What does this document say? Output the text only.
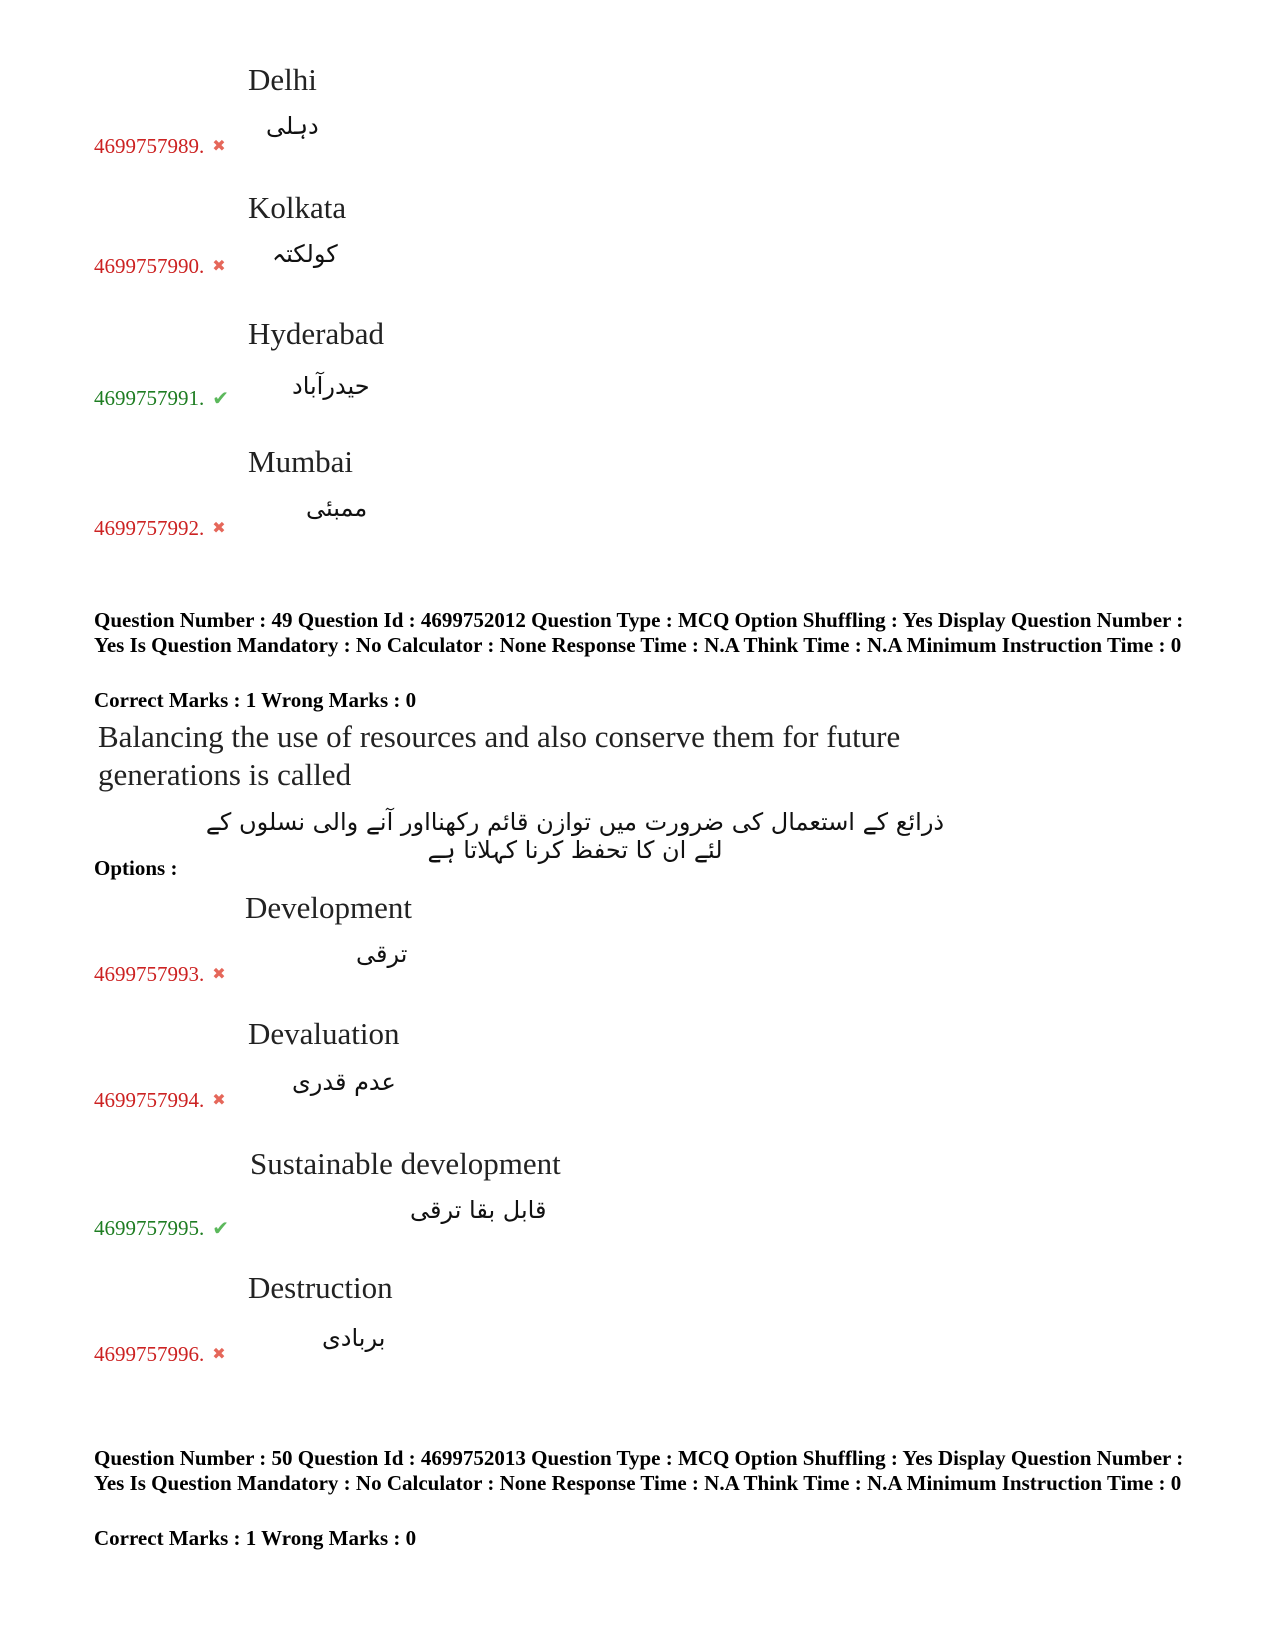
Delhi
دہلی
4699757989. ✖
Kolkata
کولکتہ
4699757990. ✖
Hyderabad
حیدرآباد
4699757991. ✔
Mumbai
ممبئی
4699757992. ✖
Question Number : 49 Question Id : 4699752012 Question Type : MCQ Option Shuffling : Yes Display Question Number : Yes Is Question Mandatory : No Calculator : None Response Time : N.A Think Time : N.A Minimum Instruction Time : 0
Correct Marks : 1 Wrong Marks : 0
Balancing the use of resources and also conserve them for future generations is called
ذرائع کے استعمال کی ضرورت میں توازن قائم رکھنااور آنے والی نسلوں کے لئے ان کا تحفظ کرنا کہلاتا ہے
Options :
Development
ترقی
4699757993. ✖
Devaluation
عدم قدری
4699757994. ✖
Sustainable development
قابل بقا ترقی
4699757995. ✔
Destruction
بربادی
4699757996. ✖
Question Number : 50 Question Id : 4699752013 Question Type : MCQ Option Shuffling : Yes Display Question Number : Yes Is Question Mandatory : No Calculator : None Response Time : N.A Think Time : N.A Minimum Instruction Time : 0
Correct Marks : 1 Wrong Marks : 0
